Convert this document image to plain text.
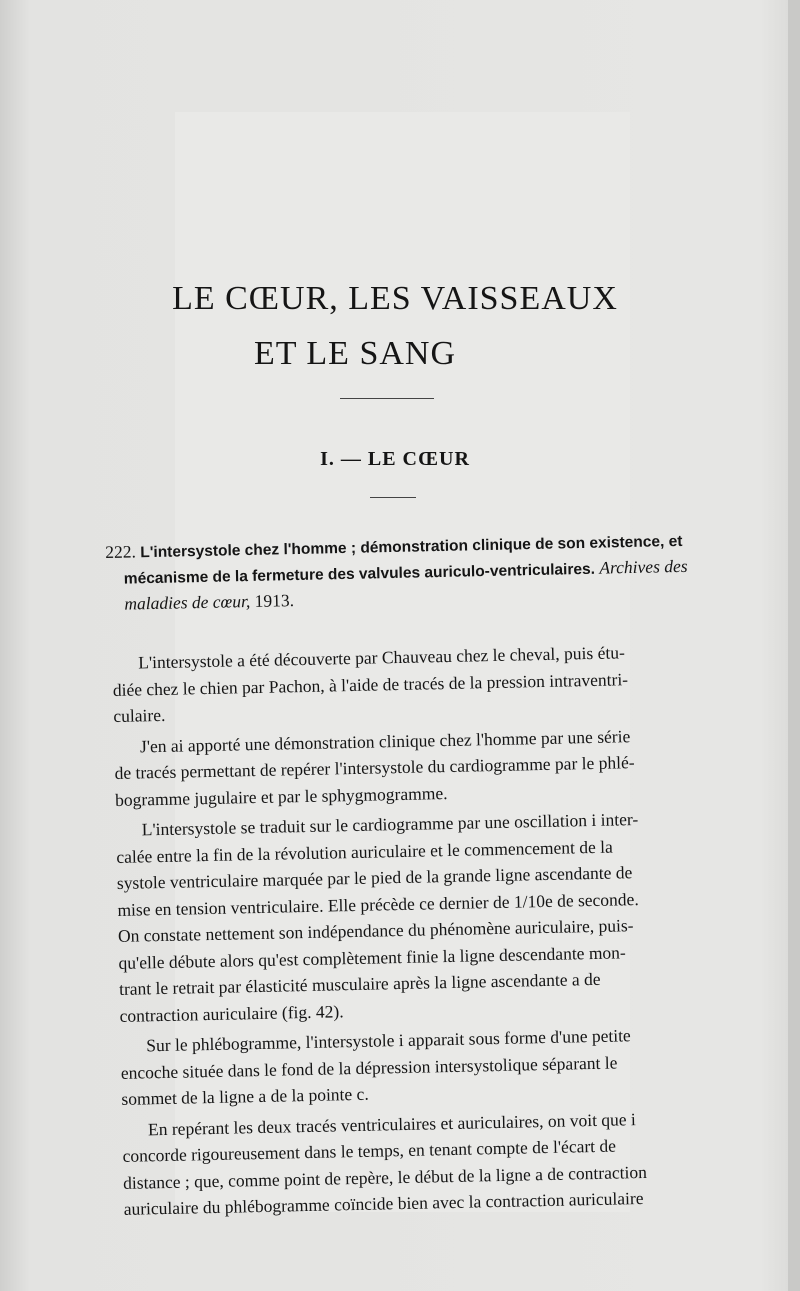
LE CŒUR, LES VAISSEAUX
ET LE SANG
I. — LE CŒUR
222. L'intersystole chez l'homme ; démonstration clinique de son existence, et
mécanisme de la fermeture des valvules auriculo-ventriculaires. Archives des
maladies de cœur, 1913.
L'intersystole a été découverte par Chauveau chez le cheval, puis étu-
diée chez le chien par Pachon, à l'aide de tracés de la pression intraventri-
culaire.
J'en ai apporté une démonstration clinique chez l'homme par une série
de tracés permettant de repérer l'intersystole du cardiogramme par le phlé-
bogramme jugulaire et par le sphygmogramme.
L'intersystole se traduit sur le cardiogramme par une oscillation i inter-
calée entre la fin de la révolution auriculaire et le commencement de la
systole ventriculaire marquée par le pied de la grande ligne ascendante de
mise en tension ventriculaire. Elle précède ce dernier de 1/10e de seconde.
On constate nettement son indépendance du phénomène auriculaire, puis-
qu'elle débute alors qu'est complètement finie la ligne descendante mon-
trant le retrait par élasticité musculaire après la ligne ascendante a de
contraction auriculaire (fig. 42).
Sur le phlébogramme, l'intersystole i apparait sous forme d'une petite
encoche située dans le fond de la dépression intersystolique séparant le
sommet de la ligne a de la pointe c.
En repérant les deux tracés ventriculaires et auriculaires, on voit que i
concorde rigoureusement dans le temps, en tenant compte de l'écart de
distance ; que, comme point de repère, le début de la ligne a de contraction
auriculaire du phlébogramme coïncide bien avec la contraction auriculaire
